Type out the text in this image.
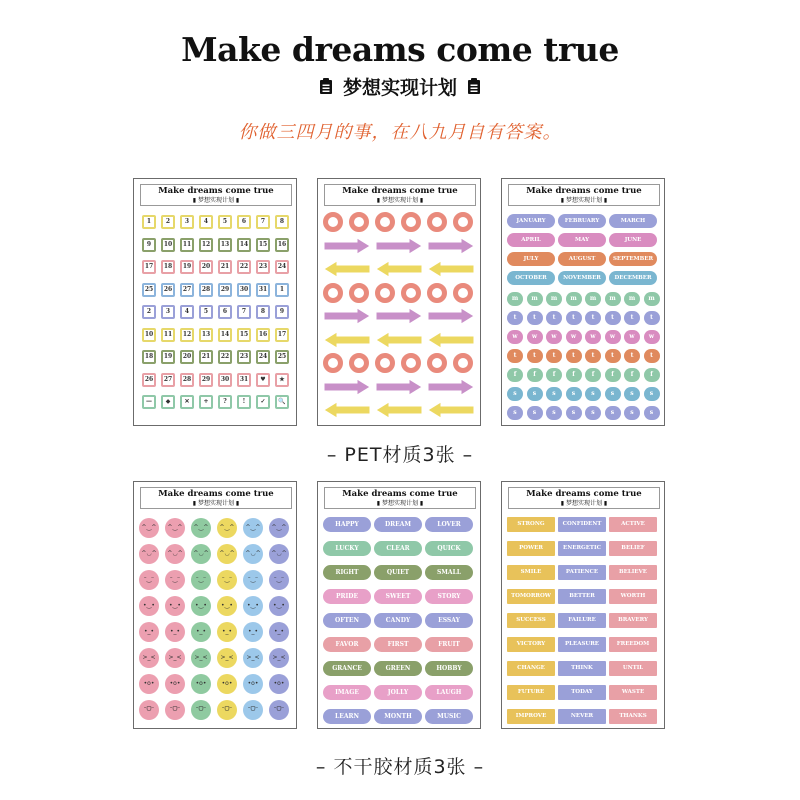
Make dreams come true
梦想实现计划
你做三四月的事，在八九月自有答案。
Make dreams come true
▮ 梦想实现计划 ▮
1	2	3	4	5	6	7	8
9	10 11 12 13 14 15 16
17 18 19 20 21 22 23 24
25 26 27 28 29 30 31	1
2	3	4	5	6	7	8	9
10 11 12 13 14 15 16 17
18 19 20 21 22 23 24 25
26 27 28 29 30 31	♥	★
—	◆	✕	+	?	!	✓	🔍
Make dreams come true
▮ 梦想实现计划 ▮
Make dreams come true
▮ 梦想实现计划 ▮
JANUARY	FEBRUARY	MARCH
APRIL	MAY	JUNE
JULY	AUGUST	SEPTEMBER
OCTOBER	NOVEMBER	DECEMBER
m	m	m	m	m	m	m	m
t	t	t	t	t	t	t	t
w	w	w	w	w	w	w	w
t	t	t	t	t	t	t	t
f	f	f	f	f	f	f	f
s	s	s	s	s	s	s	s
s	s	s	s	s	s	s	s
– PET材质3张 –
Make dreams come true
▮ 梦想实现计划 ▮
^‿^	^‿^	^‿^	^‿^	^‿^	^‿^
^◡^	^◡^	^◡^	^◡^	^◡^	^◡^
ᵔ‿ᵔ	ᵔ‿ᵔ	ᵔ‿ᵔ	ᵔ‿ᵔ	ᵔ‿ᵔ	ᵔ‿ᵔ
•‿•	•‿•	•‿•	•‿•	•‿•	•‿•
•_•	•_•	•_•	•_•	•_•	•_•
>_<	>_<	>_<	>_<	>_<	>_<
•o•	•o•	•o•	•o•	•o•	•o•
ᵔᗜᵔ	ᵔᗜᵔ	ᵔᗜᵔ	ᵔᗜᵔ	ᵔᗜᵔ	ᵔᗜᵔ
Make dreams come true
▮ 梦想实现计划 ▮
HAPPY	DREAM	LOVER
LUCKY	CLEAR	QUICK
RIGHT	QUIET	SMALL
PRIDE	SWEET	STORY
OFTEN	CANDY	ESSAY
FAVOR	FIRST	FRUIT
GRANCE	GREEN	HOBBY
IMAGE	JOLLY	LAUGH
LEARN	MONTH	MUSIC
Make dreams come true
▮ 梦想实现计划 ▮
STRONG	CONFIDENT	ACTIVE
POWER	ENERGETIC	BELIEF
SMILE	PATIENCE	BELIEVE
TOMORROW	BETTER	WORTH
SUCCESS	FAILURE	BRAVERY
VICTORY	PLEASURE	FREEDOM
CHANGE	THINK	UNTIL
FUTURE	TODAY	WASTE
IMPROVE	NEVER	THANKS
– 不干胶材质3张 –
